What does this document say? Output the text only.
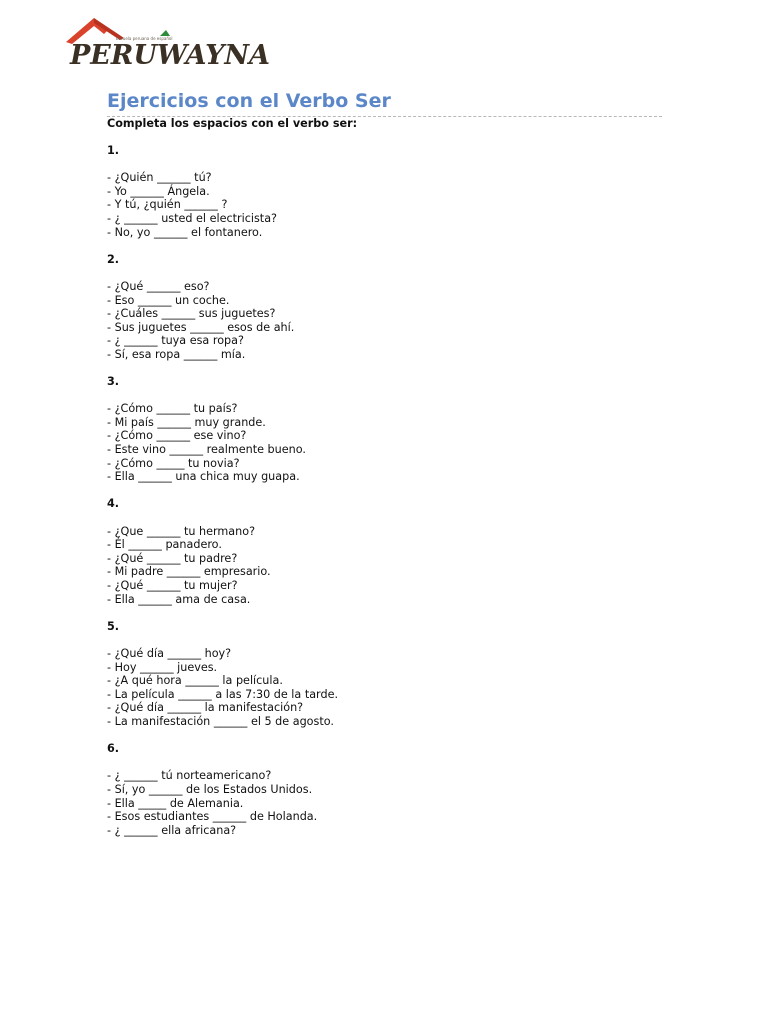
PERUWAYNA
Escuela peruana de español
Ejercicios con el Verbo Ser
Completa los espacios con el verbo ser:
1.
- ¿Quién ______ tú?
- Yo ______ Ángela.
- Y tú, ¿quién ______ ?
- ¿ ______ usted el electricista?
- No, yo ______ el fontanero.
2.
- ¿Qué ______ eso?
- Eso ______ un coche.
- ¿Cuáles ______ sus juguetes?
- Sus juguetes ______ esos de ahí.
- ¿ ______ tuya esa ropa?
- Sí, esa ropa ______ mía.
3.
- ¿Cómo ______ tu país?
- Mi país ______ muy grande.
- ¿Cómo ______ ese vino?
- Este vino ______ realmente bueno.
- ¿Cómo _____ tu novia?
- Ella ______ una chica muy guapa.
4.
- ¿Que ______ tu hermano?
- Él ______ panadero.
- ¿Qué ______ tu padre?
- Mi padre ______ empresario.
- ¿Qué ______ tu mujer?
- Ella ______ ama de casa.
5.
- ¿Qué día ______ hoy?
- Hoy ______ jueves.
- ¿A qué hora ______ la película.
- La película ______ a las 7:30 de la tarde.
- ¿Qué día ______ la manifestación?
- La manifestación ______ el 5 de agosto.
6.
- ¿ ______ tú norteamericano?
- Sí, yo ______ de los Estados Unidos.
- Ella _____ de Alemania.
- Esos estudiantes ______ de Holanda.
- ¿ ______ ella africana?
